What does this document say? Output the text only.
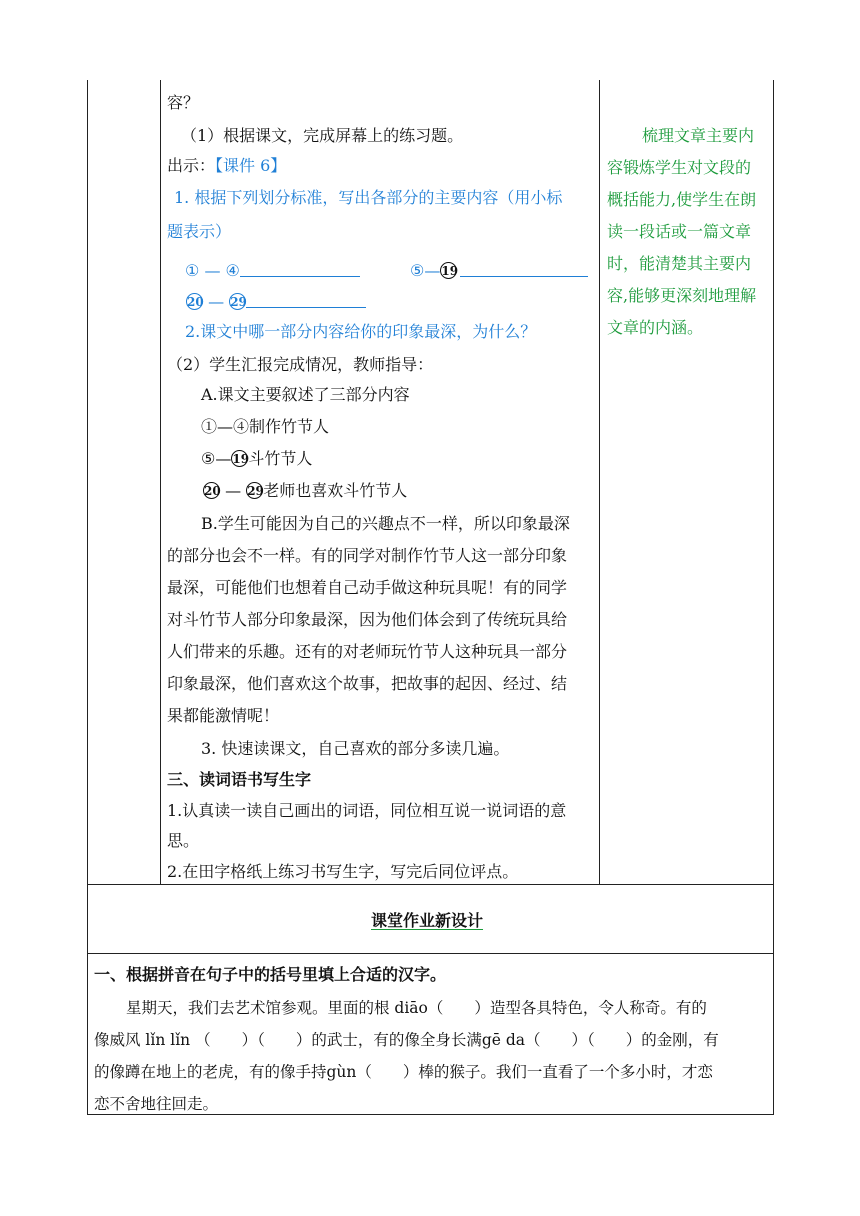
容？
（1）根据课文，完成屏幕上的练习题。
出示：【课件 6】
1. 根据下列划分标准，写出各部分的主要内容（用小标
题表示）
① — ④	⑤—19
20 — 29
2.课文中哪一部分内容给你的印象最深，为什么？
（2）学生汇报完成情况，教师指导：
A.课文主要叙述了三部分内容
①—④制作竹节人
⑤—19斗竹节人
20 — 29老师也喜欢斗竹节人
B.学生可能因为自己的兴趣点不一样，所以印象最深
的部分也会不一样。有的同学对制作竹节人这一部分印象
最深，可能他们也想着自己动手做这种玩具呢！有的同学
对斗竹节人部分印象最深，因为他们体会到了传统玩具给
人们带来的乐趣。还有的对老师玩竹节人这种玩具一部分
印象最深，他们喜欢这个故事，把故事的起因、经过、结
果都能激情呢！
3. 快速读课文，自己喜欢的部分多读几遍。
三、读词语书写生字
1.认真读一读自己画出的词语，同位相互说一说词语的意
思。
2.在田字格纸上练习书写生字，写完后同位评点。
梳理文章主要内
容锻炼学生对文段的
概括能力,使学生在朗
读一段话或一篇文章
时，能清楚其主要内
容,能够更深刻地理解
文章的内涵。
课堂作业新设计
一、根据拼音在句子中的括号里填上合适的汉字。
星期天，我们去艺术馆参观。里面的根 diāo（　　）造型各具特色，令人称奇。有的
像威风 lǐn lǐn （　　）（　　）的武士，有的像全身长满gē da（　　）（　　）的金刚，有
的像蹲在地上的老虎，有的像手持gùn（　　）棒的猴子。我们一直看了一个多小时，才恋
恋不舍地往回走。
